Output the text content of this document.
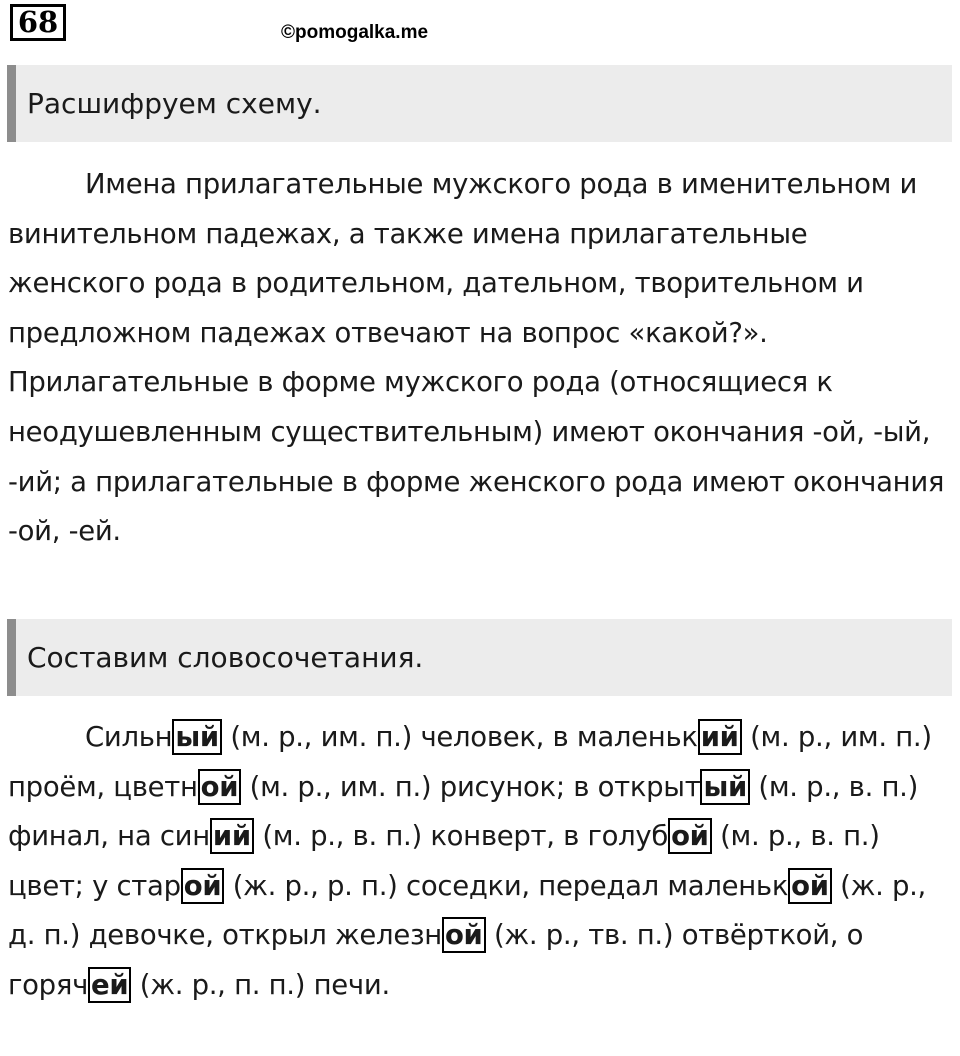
68	©pomogalka.me
Расшифруем схему.

Имена прилагательные мужского рода в именительном и винительном падежах, а также имена прилагательные женского рода в родительном, дательном, творительном и предложном падежах отвечают на вопрос «какой?». Прилагательные в форме мужского рода (относящиеся к неодушевленным существительным) имеют окончания -ой, -ый, -ий; а прилагательные в форме женского рода имеют окончания -ой, -ей.

Составим словосочетания.

Сильн ый (м. р., им. п.) человек, в маленьк ий (м. р., им. п.) проём, цветн ой (м. р., им. п.) рисунок; в открыт ый (м. р., в. п.) финал, на син ий (м. р., в. п.) конверт, в голуб ой (м. р., в. п.) цвет; у стар ой (ж. р., р. п.) соседки, передал маленьк ой (ж. р., д. п.) девочке, открыл железн ой (ж. р., тв. п.) отвёрткой, о горяч ей (ж. р., п. п.) печи.
